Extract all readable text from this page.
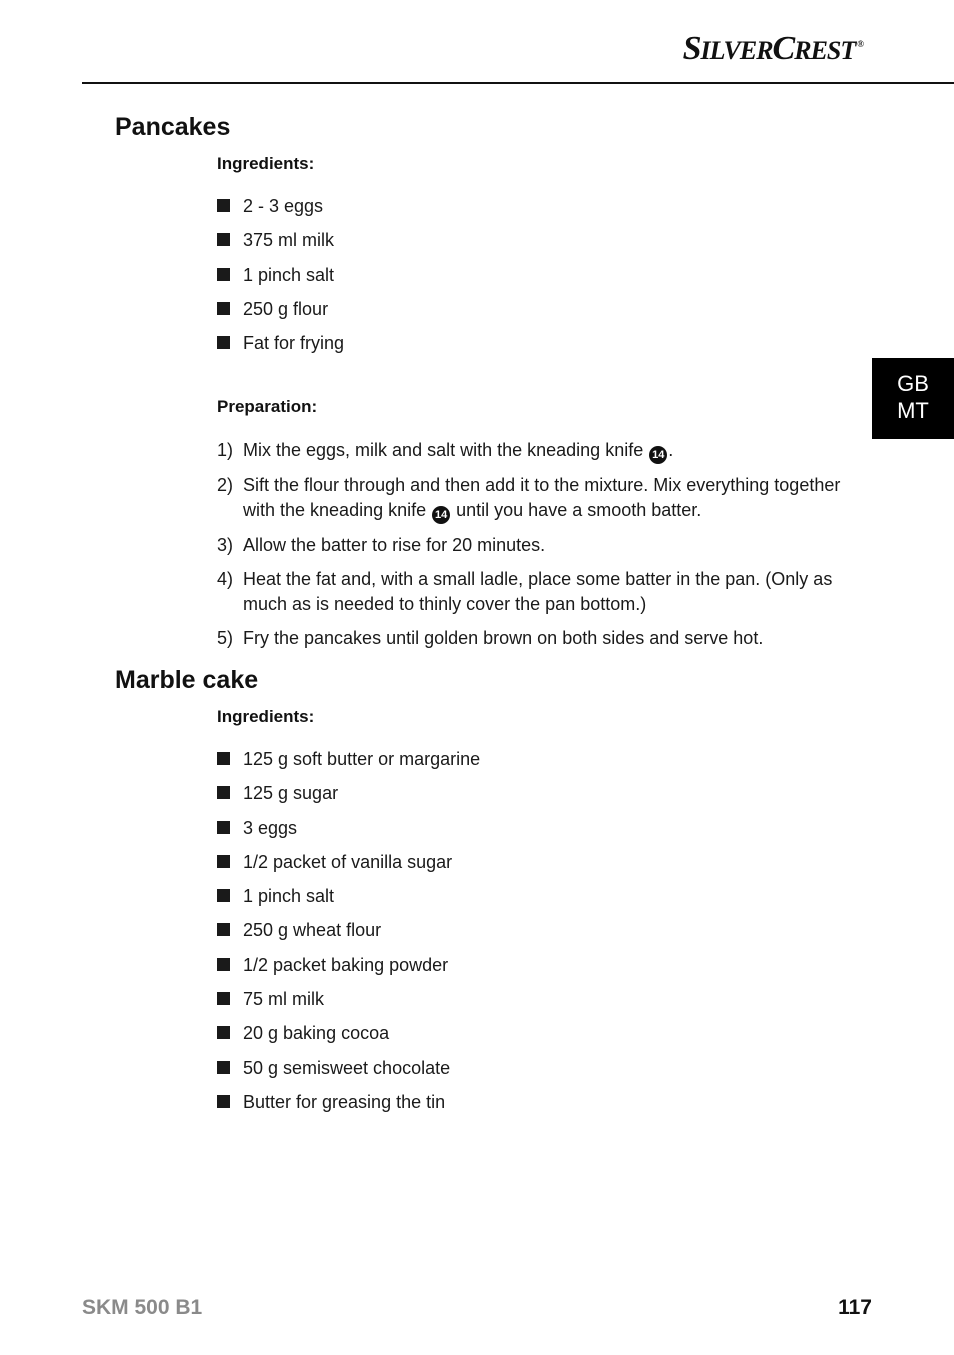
SILVERCREST ®
GB
MT
Pancakes
Ingredients:
2 - 3 eggs
375 ml milk
1 pinch salt
250 g flour
Fat for frying
Preparation:
1) Mix the eggs, milk and salt with the kneading knife 14 .
2) Sift the flour through and then add it to the mixture. Mix everything together with the kneading knife 14 until you have a smooth batter.
3) Allow the batter to rise for 20 minutes.
4) Heat the fat and, with a small ladle, place some batter in the pan. (Only as much as is needed to thinly cover the pan bottom.)
5) Fry the pancakes until golden brown on both sides and serve hot.
Marble cake
Ingredients:
125 g soft butter or margarine
125 g sugar
3 eggs
1/2 packet of vanilla sugar
1 pinch salt
250 g wheat flour
1/2 packet baking powder
75 ml milk
20 g baking cocoa
50 g semisweet chocolate
Butter for greasing the tin
SKM 500 B1	117
